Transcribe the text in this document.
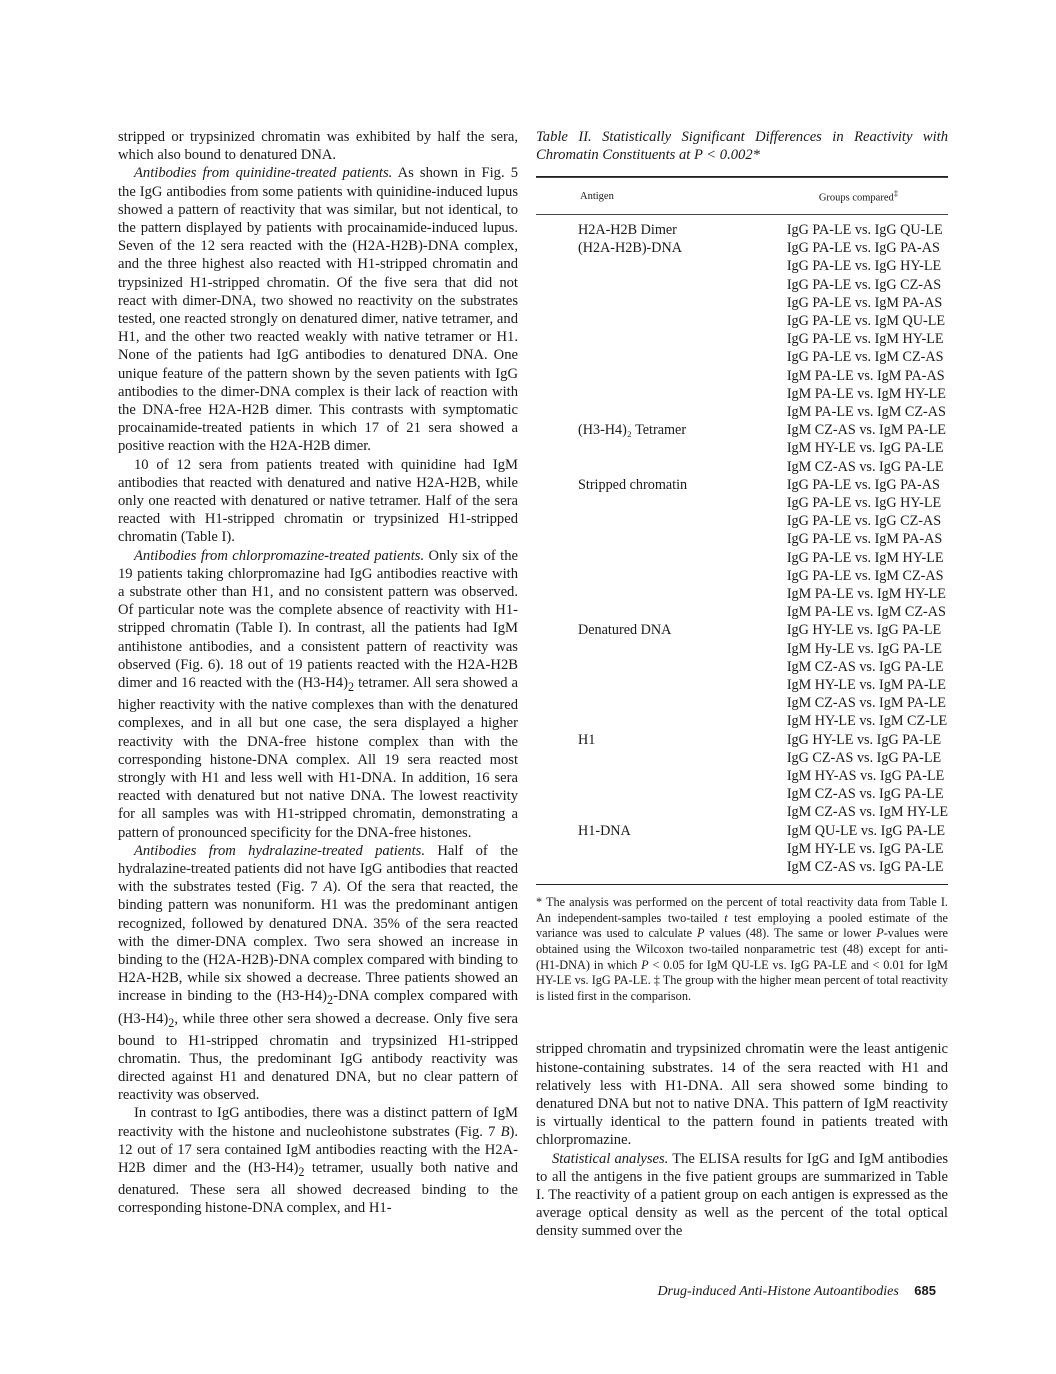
stripped or trypsinized chromatin was exhibited by half the sera, which also bound to denatured DNA.

Antibodies from quinidine-treated patients. As shown in Fig. 5 the IgG antibodies from some patients with quinidine-induced lupus showed a pattern of reactivity that was similar, but not identical, to the pattern displayed by patients with procainamide-induced lupus. Seven of the 12 sera reacted with the (H2A-H2B)-DNA complex, and the three highest also reacted with H1-stripped chromatin and trypsinized H1-stripped chromatin. Of the five sera that did not react with dimer-DNA, two showed no reactivity on the substrates tested, one reacted strongly on denatured dimer, native tetramer, and H1, and the other two reacted weakly with native tetramer or H1. None of the patients had IgG antibodies to denatured DNA. One unique feature of the pattern shown by the seven patients with IgG antibodies to the dimer-DNA complex is their lack of reaction with the DNA-free H2A-H2B dimer. This contrasts with symptomatic procainamide-treated patients in which 17 of 21 sera showed a positive reaction with the H2A-H2B dimer.

10 of 12 sera from patients treated with quinidine had IgM antibodies that reacted with denatured and native H2A-H2B, while only one reacted with denatured or native tetramer. Half of the sera reacted with H1-stripped chromatin or trypsinized H1-stripped chromatin (Table I).

Antibodies from chlorpromazine-treated patients. Only six of the 19 patients taking chlorpromazine had IgG antibodies reactive with a substrate other than H1, and no consistent pattern was observed. Of particular note was the complete absence of reactivity with H1-stripped chromatin (Table I). In contrast, all the patients had IgM antihistone antibodies, and a consistent pattern of reactivity was observed (Fig. 6). 18 out of 19 patients reacted with the H2A-H2B dimer and 16 reacted with the $(H3-H4)_2$ tetramer. All sera showed a higher reactivity with the native complexes than with the denatured complexes, and in all but one case, the sera displayed a higher reactivity with the DNA-free histone complex than with the corresponding histone-DNA complex. All 19 sera reacted most strongly with H1 and less well with H1-DNA. In addition, 16 sera reacted with denatured but not native DNA. The lowest reactivity for all samples was with H1-stripped chromatin, demonstrating a pattern of pronounced specificity for the DNA-free histones.

Antibodies from hydralazine-treated patients. Half of the hydralazine-treated patients did not have IgG antibodies that reacted with the substrates tested (Fig. 7 A). Of the sera that reacted, the binding pattern was nonuniform. H1 was the predominant antigen recognized, followed by denatured DNA. 35% of the sera reacted with the dimer-DNA complex. Two sera showed an increase in binding to the (H2A-H2B)-DNA complex compared with binding to H2A-H2B, while six showed a decrease. Three patients showed an increase in binding to the $(H3-H4)_2$-DNA complex compared with $(H3-H4)_2$, while three other sera showed a decrease. Only five sera bound to H1-stripped chromatin and trypsinized H1-stripped chromatin. Thus, the predominant IgG antibody reactivity was directed against H1 and denatured DNA, but no clear pattern of reactivity was observed.

In contrast to IgG antibodies, there was a distinct pattern of IgM reactivity with the histone and nucleohistone substrates (Fig. 7 B). 12 out of 17 sera contained IgM antibodies reacting with the H2A-H2B dimer and the $(H3-H4)_2$ tetramer, usually both native and denatured. These sera all showed decreased binding to the corresponding histone-DNA complex, and H1-

Table II. Statistically Significant Differences in Reactivity with Chromatin Constituents at P < 0.002*

Antigen	Groups compared‡
H2A-H2B Dimer	IgG PA-LE vs. IgG QU-LE
(H2A-H2B)-DNA	IgG PA-LE vs. IgG PA-AS
	IgG PA-LE vs. IgG HY-LE
	IgG PA-LE vs. IgG CZ-AS
	IgG PA-LE vs. IgM PA-AS
	IgG PA-LE vs. IgM QU-LE
	IgG PA-LE vs. IgM HY-LE
	IgG PA-LE vs. IgM CZ-AS
	IgM PA-LE vs. IgM PA-AS
	IgM PA-LE vs. IgM HY-LE
	IgM PA-LE vs. IgM CZ-AS
(H3-H4)₂ Tetramer	IgM CZ-AS vs. IgM PA-LE
	IgM HY-LE vs. IgG PA-LE
	IgM CZ-AS vs. IgG PA-LE
Stripped chromatin	IgG PA-LE vs. IgG PA-AS
	IgG PA-LE vs. IgG HY-LE
	IgG PA-LE vs. IgG CZ-AS
	IgG PA-LE vs. IgM PA-AS
	IgG PA-LE vs. IgM HY-LE
	IgG PA-LE vs. IgM CZ-AS
	IgM PA-LE vs. IgM HY-LE
	IgM PA-LE vs. IgM CZ-AS
Denatured DNA	IgG HY-LE vs. IgG PA-LE
	IgM Hy-LE vs. IgG PA-LE
	IgM CZ-AS vs. IgG PA-LE
	IgM HY-LE vs. IgM PA-LE
	IgM CZ-AS vs. IgM PA-LE
	IgM HY-LE vs. IgM CZ-LE
H1	IgG HY-LE vs. IgG PA-LE
	IgG CZ-AS vs. IgG PA-LE
	IgM HY-AS vs. IgG PA-LE
	IgM CZ-AS vs. IgG PA-LE
	IgM CZ-AS vs. IgM HY-LE
H1-DNA	IgM QU-LE vs. IgG PA-LE
	IgM HY-LE vs. IgG PA-LE
	IgM CZ-AS vs. IgG PA-LE

* The analysis was performed on the percent of total reactivity data from Table I. An independent-samples two-tailed t test employing a pooled estimate of the variance was used to calculate P values (48). The same or lower P-values were obtained using the Wilcoxon two-tailed nonparametric test (48) except for anti-(H1-DNA) in which P < 0.05 for IgM QU-LE vs. IgG PA-LE and < 0.01 for IgM HY-LE vs. IgG PA-LE. ‡ The group with the higher mean percent of total reactivity is listed first in the comparison.

stripped chromatin and trypsinized chromatin were the least antigenic histone-containing substrates. 14 of the sera reacted with H1 and relatively less with H1-DNA. All sera showed some binding to denatured DNA but not to native DNA. This pattern of IgM reactivity is virtually identical to the pattern found in patients treated with chlorpromazine.

Statistical analyses. The ELISA results for IgG and IgM antibodies to all the antigens in the five patient groups are summarized in Table I. The reactivity of a patient group on each antigen is expressed as the average optical density as well as the percent of the total optical density summed over the

Drug-induced Anti-Histone Autoantibodies 685
